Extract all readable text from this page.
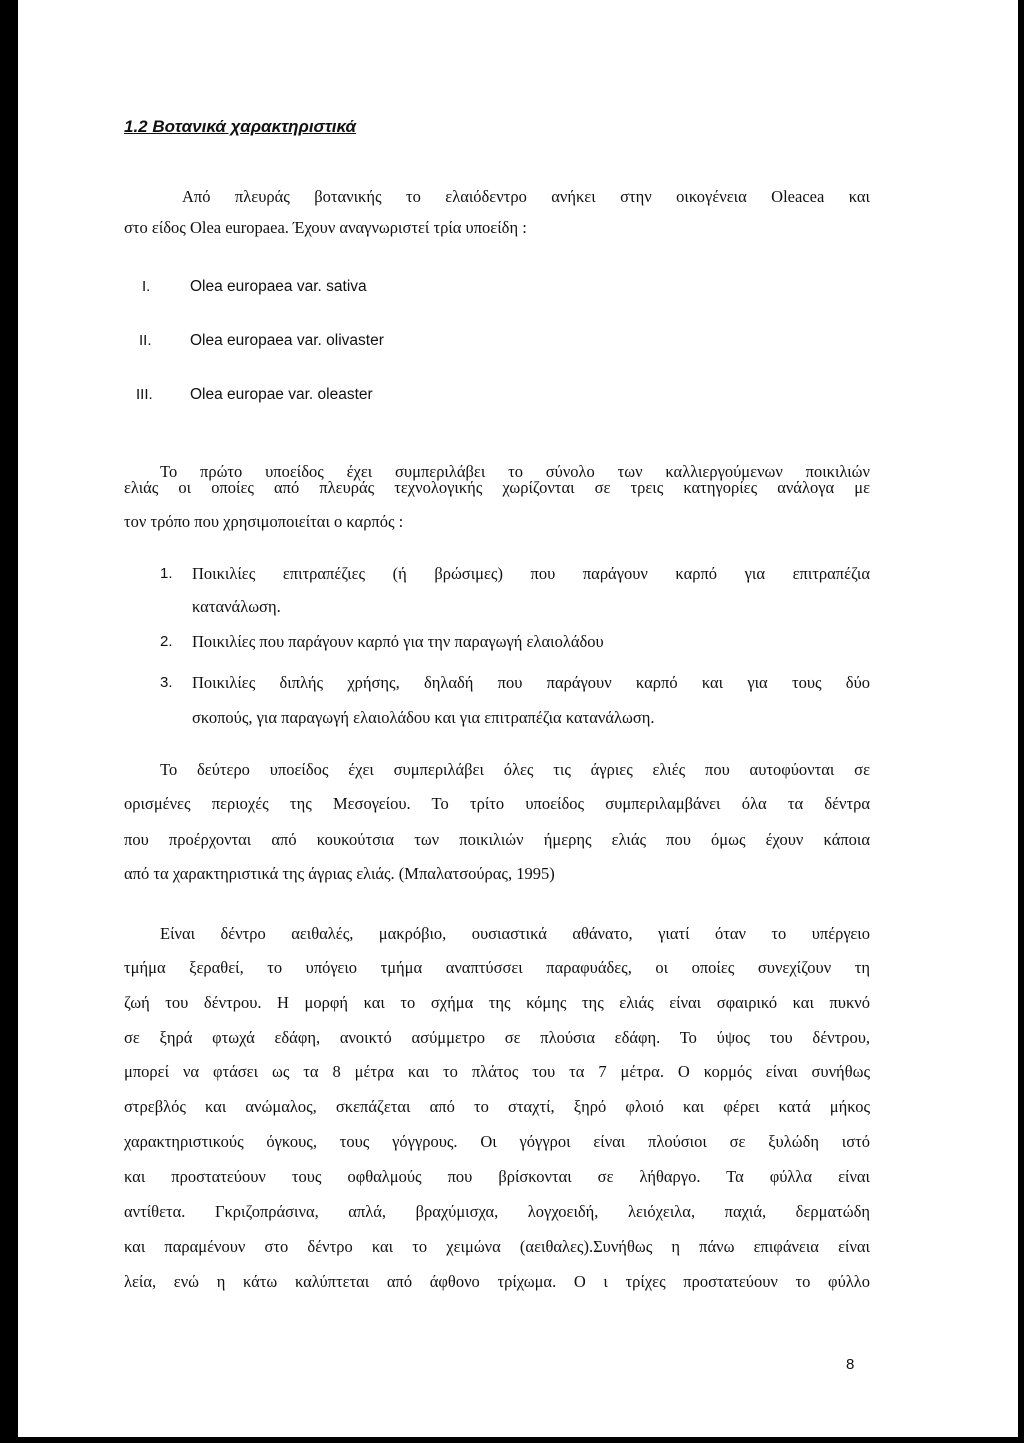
1.2 Βοτανικά χαρακτηριστικά
Από πλευράς βοτανικής το ελαιόδεντρο ανήκει στην οικογένεια Oleacea και
στο είδος Olea europaea. Έχουν αναγνωριστεί τρία υποείδη :
I.	Olea europaea var. sativa
II. Olea europaea var. olivaster
III. Olea europae var. oleaster
Το πρώτο υποείδος έχει συμπεριλάβει το σύνολο των καλλιεργούμενων ποικιλιών
ελιάς οι οποίες από πλευράς τεχνολογικής χωρίζονται σε τρεις κατηγορίες ανάλογα με
τον τρόπο που χρησιμοποιείται ο καρπός :
1. Ποικιλίες επιτραπέζιες (ή βρώσιμες) που παράγουν καρπό για επιτραπέζια
κατανάλωση.
2. Ποικιλίες που παράγουν καρπό για την παραγωγή ελαιολάδου
3. Ποικιλίες διπλής χρήσης, δηλαδή που παράγουν καρπό και για τους δύο
σκοπούς, για παραγωγή ελαιολάδου και για επιτραπέζια κατανάλωση.
Το δεύτερο υποείδος έχει συμπεριλάβει όλες τις άγριες ελιές που αυτοφύονται σε
ορισμένες περιοχές της Μεσογείου. Το τρίτο υποείδος συμπεριλαμβάνει όλα τα δέντρα
που προέρχονται από κουκούτσια των ποικιλιών ήμερης ελιάς που όμως έχουν κάποια
από τα χαρακτηριστικά της άγριας ελιάς. (Μπαλατσούρας, 1995)
Είναι δέντρο αειθαλές, μακρόβιο, ουσιαστικά αθάνατο, γιατί όταν το υπέργειο
τμήμα ξεραθεί, το υπόγειο τμήμα αναπτύσσει παραφυάδες, οι οποίες συνεχίζουν τη
ζωή του δέντρου. Η μορφή και το σχήμα της κόμης της ελιάς είναι σφαιρικό και πυκνό
σε ξηρά φτωχά εδάφη, ανοικτό ασύμμετρο σε πλούσια εδάφη. Το ύψος του δέντρου,
μπορεί να φτάσει ως τα 8 μέτρα και το πλάτος του τα 7 μέτρα. Ο κορμός είναι συνήθως
στρεβλός και ανώμαλος, σκεπάζεται από το σταχτί, ξηρό φλοιό και φέρει κατά μήκος
χαρακτηριστικούς όγκους, τους γόγγρους. Οι γόγγροι είναι πλούσιοι σε ξυλώδη ιστό
και προστατεύουν τους οφθαλμούς που βρίσκονται σε λήθαργο. Τα φύλλα είναι
αντίθετα. Γκριζοπράσινα, απλά, βραχύμισχα, λογχοειδή, λειόχειλα, παχιά, δερματώδη
και παραμένουν στο δέντρο και το χειμώνα (αειθαλες).Συνήθως η πάνω επιφάνεια είναι
λεία, ενώ η κάτω καλύπτεται από άφθονο τρίχωμα. Ο ι τρίχες προστατεύουν το φύλλο
8
